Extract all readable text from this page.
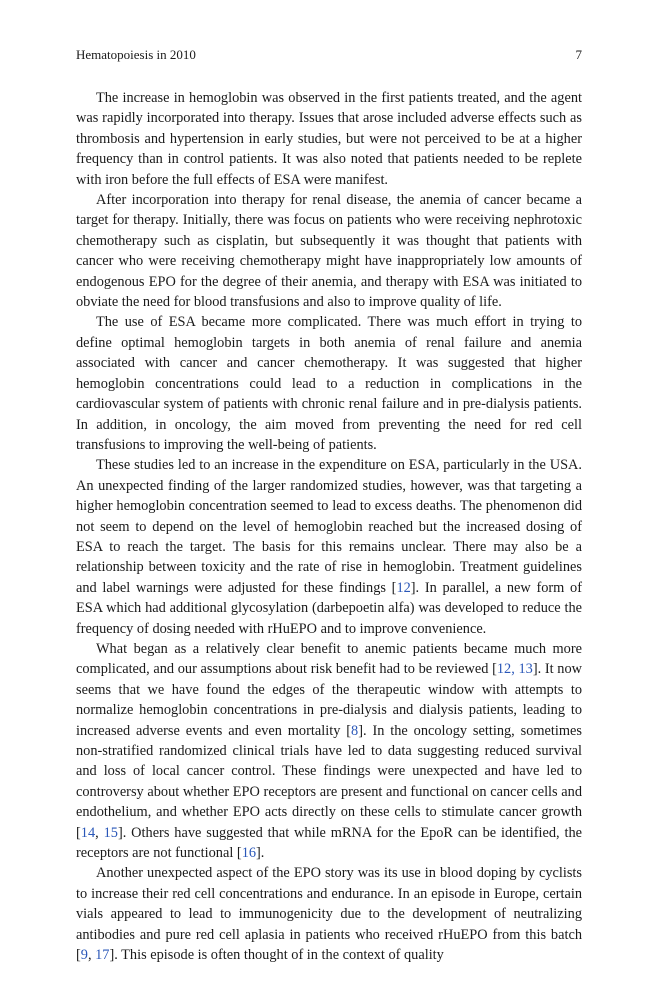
Hematopoiesis in 2010	7

The increase in hemoglobin was observed in the first patients treated, and the agent was rapidly incorporated into therapy. Issues that arose included adverse effects such as thrombosis and hypertension in early studies, but were not perceived to be at a higher frequency than in control patients. It was also noted that patients needed to be replete with iron before the full effects of ESA were manifest.

After incorporation into therapy for renal disease, the anemia of cancer became a target for therapy. Initially, there was focus on patients who were receiving nephrotoxic chemotherapy such as cisplatin, but subsequently it was thought that patients with cancer who were receiving chemotherapy might have inappropriately low amounts of endogenous EPO for the degree of their anemia, and therapy with ESA was initiated to obviate the need for blood transfusions and also to improve quality of life.

The use of ESA became more complicated. There was much effort in trying to define optimal hemoglobin targets in both anemia of renal failure and anemia associated with cancer and cancer chemotherapy. It was suggested that higher hemoglobin concentrations could lead to a reduction in complications in the cardiovascular system of patients with chronic renal failure and in pre-dialysis patients. In addition, in oncology, the aim moved from preventing the need for red cell transfusions to improving the well-being of patients.

These studies led to an increase in the expenditure on ESA, particularly in the USA. An unexpected finding of the larger randomized studies, however, was that targeting a higher hemoglobin concentration seemed to lead to excess deaths. The phenomenon did not seem to depend on the level of hemoglobin reached but the increased dosing of ESA to reach the target. The basis for this remains unclear. There may also be a relationship between toxicity and the rate of rise in hemoglobin. Treatment guidelines and label warnings were adjusted for these findings [12]. In parallel, a new form of ESA which had additional glycosylation (darbepoetin alfa) was developed to reduce the frequency of dosing needed with rHuEPO and to improve convenience.

What began as a relatively clear benefit to anemic patients became much more complicated, and our assumptions about risk benefit had to be reviewed [12, 13]. It now seems that we have found the edges of the therapeutic window with attempts to normalize hemoglobin concentrations in pre-dialysis and dialysis patients, leading to increased adverse events and even mortality [8]. In the oncology setting, sometimes non-stratified randomized clinical trials have led to data suggesting reduced survival and loss of local cancer control. These findings were unexpected and have led to controversy about whether EPO receptors are present and functional on cancer cells and endothelium, and whether EPO acts directly on these cells to stimulate cancer growth [14, 15]. Others have suggested that while mRNA for the EpoR can be identified, the receptors are not functional [16].

Another unexpected aspect of the EPO story was its use in blood doping by cyclists to increase their red cell concentrations and endurance. In an episode in Europe, certain vials appeared to lead to immunogenicity due to the development of neutralizing antibodies and pure red cell aplasia in patients who received rHuEPO from this batch [9, 17]. This episode is often thought of in the context of quality
